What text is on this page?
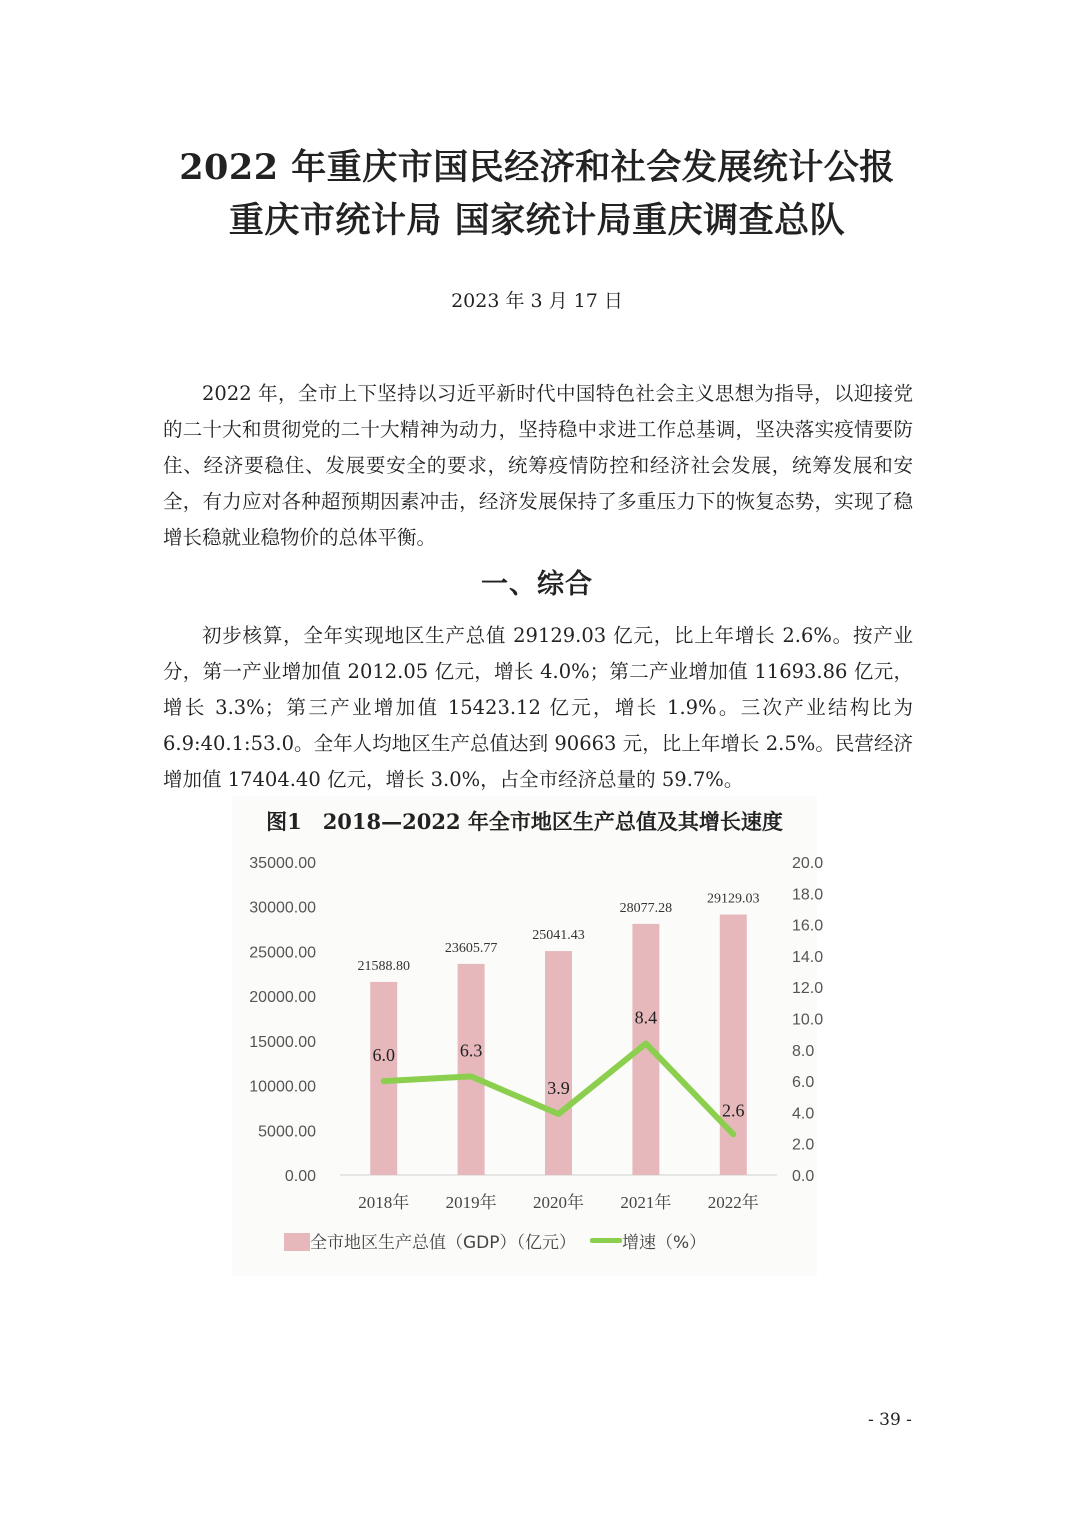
2022 年重庆市国民经济和社会发展统计公报
重庆市统计局 国家统计局重庆调查总队
2023 年 3 月 17 日

2022 年，全市上下坚持以习近平新时代中国特色社会主义思想为指导，以迎接党的二十大和贯彻党的二十大精神为动力，坚持稳中求进工作总基调，坚决落实疫情要防住、经济要稳住、发展要安全的要求，统筹疫情防控和经济社会发展，统筹发展和安全，有力应对各种超预期因素冲击，经济发展保持了多重压力下的恢复态势，实现了稳增长稳就业稳物价的总体平衡。

一、综合

初步核算，全年实现地区生产总值 29129.03 亿元，比上年增长 2.6%。按产业分，第一产业增加值 2012.05 亿元，增长 4.0%；第二产业增加值 11693.86 亿元，增长 3.3%；第三产业增加值 15423.12 亿元，增长 1.9%。三次产业结构比为 6.9:40.1:53.0。全年人均地区生产总值达到 90663 元，比上年增长 2.5%。民营经济增加值 17404.40 亿元，增长 3.0%，占全市经济总量的 59.7%。

0.00
5000.00
10000.00
15000.00
20000.00
25000.00
30000.00
35000.00
0.0
2.0
4.0
6.0
8.0
10.0
12.0
14.0
16.0
18.0
20.0
21588.80
23605.77
25041.43
28077.28
29129.03
2018年 2019年 2020年 2021年 2022年
6.0	6.3
3.9
8.4
2.6
图1　2018—2022 年全市地区生产总值及其增长速度
全市地区生产总值（GDP）（亿元）	增速（%）
- 39 -
